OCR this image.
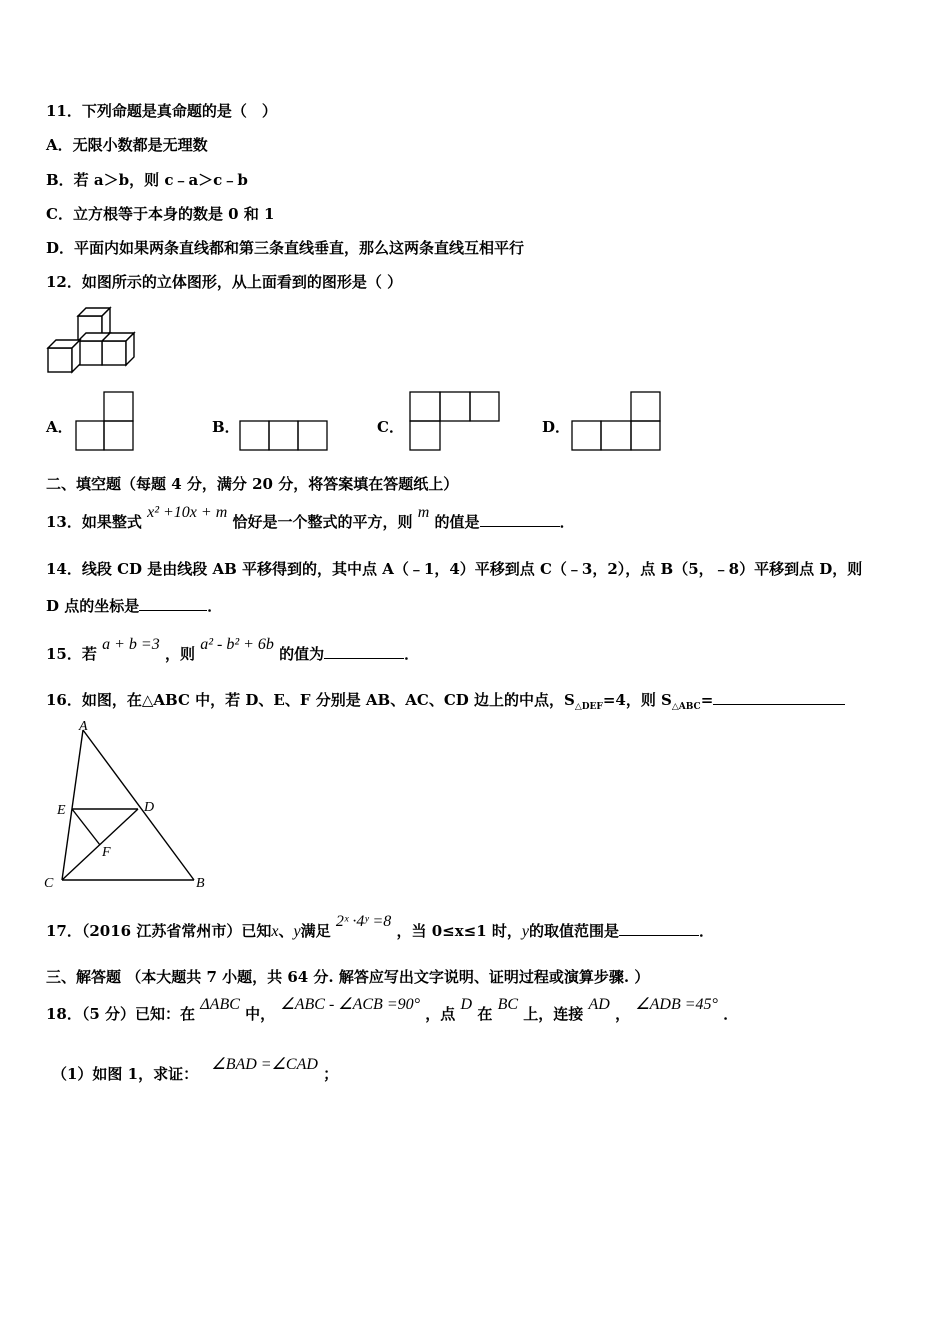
11．下列命题是真命题的是（　）
A．无限小数都是无理数
B．若 a＞b，则 c﹣a＞c﹣b
C．立方根等于本身的数是 0 和 1
D．平面内如果两条直线都和第三条直线垂直，那么这两条直线互相平行
12．如图所示的立体图形，从上面看到的图形是（ ）
A．	B．	C．	D．
二、填空题（每题 4 分，满分 20 分，将答案填在答题纸上）
13．如果整式 x² +10x + m 恰好是一个整式的平方，则 m 的值是	．
14．线段 CD 是由线段 AB 平移得到的，其中点 A（﹣1，4）平移到点 C（﹣3，2），点 B（5，﹣8）平移到点 D，则
D 点的坐标是	．
15．若 a + b =3 ，则 a² - b² + 6b 的值为	．
16．如图，在△ABC 中，若 D、E、F 分别是 AB、AC、CD 边上的中点，$S_{\triangle DEF}=4$，则 $S_{\triangle ABC}=$
A
E	D
F
C	B
17．（2016 江苏省常州市）已知x、y满足 2ˣ ·4ʸ =8 ，当 0≤x≤1 时，y的取值范围是	．
三、解答题 （本大题共 7 小题，共 64 分. 解答应写出文字说明、证明过程或演算步骤. ）
18．（5 分）已知：在 ΔABC 中， ∠ABC - ∠ACB =90° ，点 D 在 BC 上，连接 AD ， ∠ADB =45° ．
（1）如图 1，求证： ∠BAD =∠CAD ；
